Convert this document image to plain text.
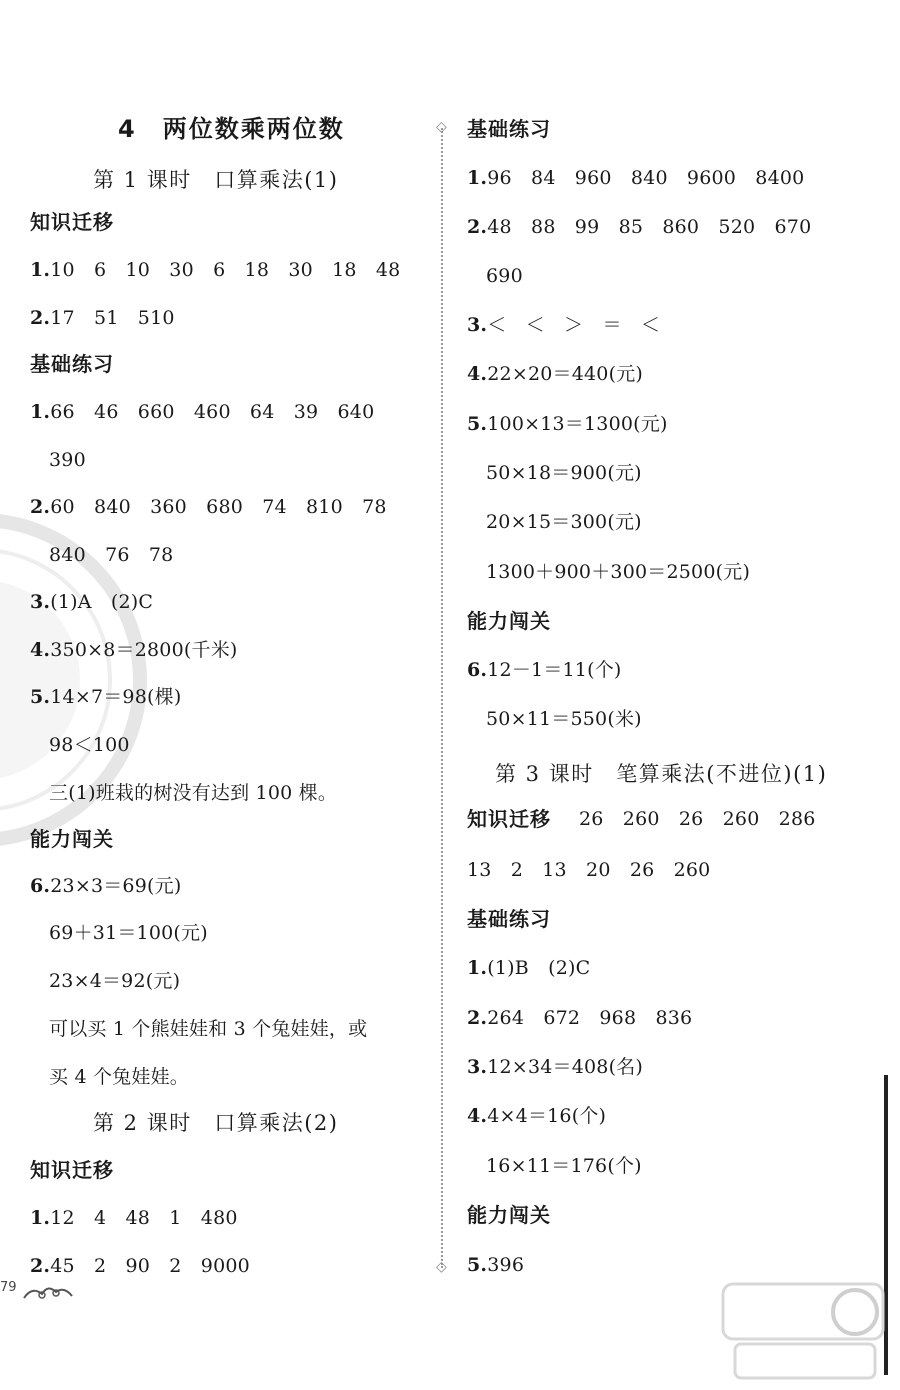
4　两位数乘两位数
第 1 课时　口算乘法(1)
知识迁移
1.10　6　10　30　6　18　30　18　48
2.17　51　510
基础练习
1.66　46　660　460　64　39　640
390
2.60　840　360　680　74　810　78
840　76　78
3.(1)A　(2)C
4.350×8＝2800(千米)
5.14×7＝98(棵)
98＜100
三(1)班栽的树没有达到 100 棵。
能力闯关
6.23×3＝69(元)
69＋31＝100(元)
23×4＝92(元)
可以买 1 个熊娃娃和 3 个兔娃娃，或
买 4 个兔娃娃。
第 2 课时　口算乘法(2)
知识迁移
1.12　4　48　1　480
2.45　2　90　2　9000
基础练习
1.96　84　960　840　9600　8400
2.48　88　99　85　860　520　670
690
3.＜　＜　＞　＝　＜
4.22×20＝440(元)
5.100×13＝1300(元)
50×18＝900(元)
20×15＝300(元)
1300＋900＋300＝2500(元)
能力闯关
6.12－1＝11(个)
50×11＝550(米)
第 3 课时　笔算乘法(不进位)(1)
知识迁移 26　260　26　260　286
13　2　13　20　26　260
基础练习
1.(1)B　(2)C
2.264　672　968　836
3.12×34＝408(名)
4.4×4＝16(个)
16×11＝176(个)
能力闯关
5.396
◇
◇
79
